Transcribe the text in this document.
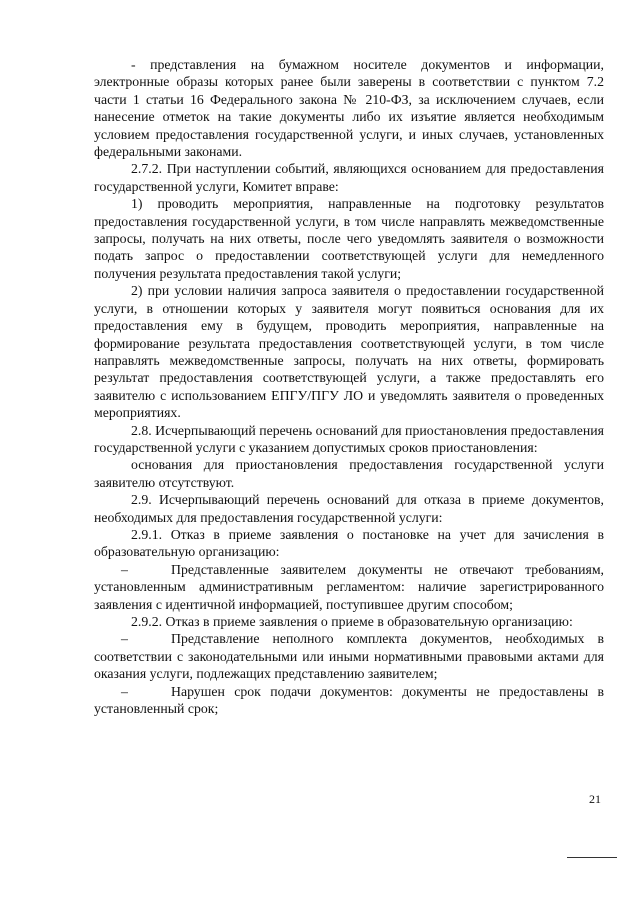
- представления на бумажном носителе документов и информации, электронные образы которых ранее были заверены в соответствии с пунктом 7.2 части 1 статьи 16 Федерального закона № 210-ФЗ, за исключением случаев, если нанесение отметок на такие документы либо их изъятие является необходимым условием предоставления государственной услуги, и иных случаев, установленных федеральными законами.

2.7.2. При наступлении событий, являющихся основанием для предоставления государственной услуги, Комитет вправе:

1) проводить мероприятия, направленные на подготовку результатов предоставления государственной услуги, в том числе направлять межведомственные запросы, получать на них ответы, после чего уведомлять заявителя о возможности подать запрос о предоставлении соответствующей услуги для немедленного получения результата предоставления такой услуги;

2) при условии наличия запроса заявителя о предоставлении государственной услуги, в отношении которых у заявителя могут появиться основания для их предоставления ему в будущем, проводить мероприятия, направленные на формирование результата предоставления соответствующей услуги, в том числе направлять межведомственные запросы, получать на них ответы, формировать результат предоставления соответствующей услуги, а также предоставлять его заявителю с использованием ЕПГУ/ПГУ ЛО и уведомлять заявителя о проведенных мероприятиях.

2.8. Исчерпывающий перечень оснований для приостановления предоставления государственной услуги с указанием допустимых сроков приостановления:

основания для приостановления предоставления государственной услуги заявителю отсутствуют.

2.9. Исчерпывающий перечень оснований для отказа в приеме документов, необходимых для предоставления государственной услуги:

2.9.1. Отказ в приеме заявления о постановке на учет для зачисления в образовательную организацию:

–	Представленные заявителем документы не отвечают требованиям, установленным административным регламентом: наличие зарегистрированного заявления с идентичной информацией, поступившее другим способом;

2.9.2. Отказ в приеме заявления о приеме в образовательную организацию:

–	Представление неполного комплекта документов, необходимых в соответствии с законодательными или иными нормативными правовыми актами для оказания услуги, подлежащих представлению заявителем;

–	Нарушен срок подачи документов: документы не предоставлены в установленный срок;

21
